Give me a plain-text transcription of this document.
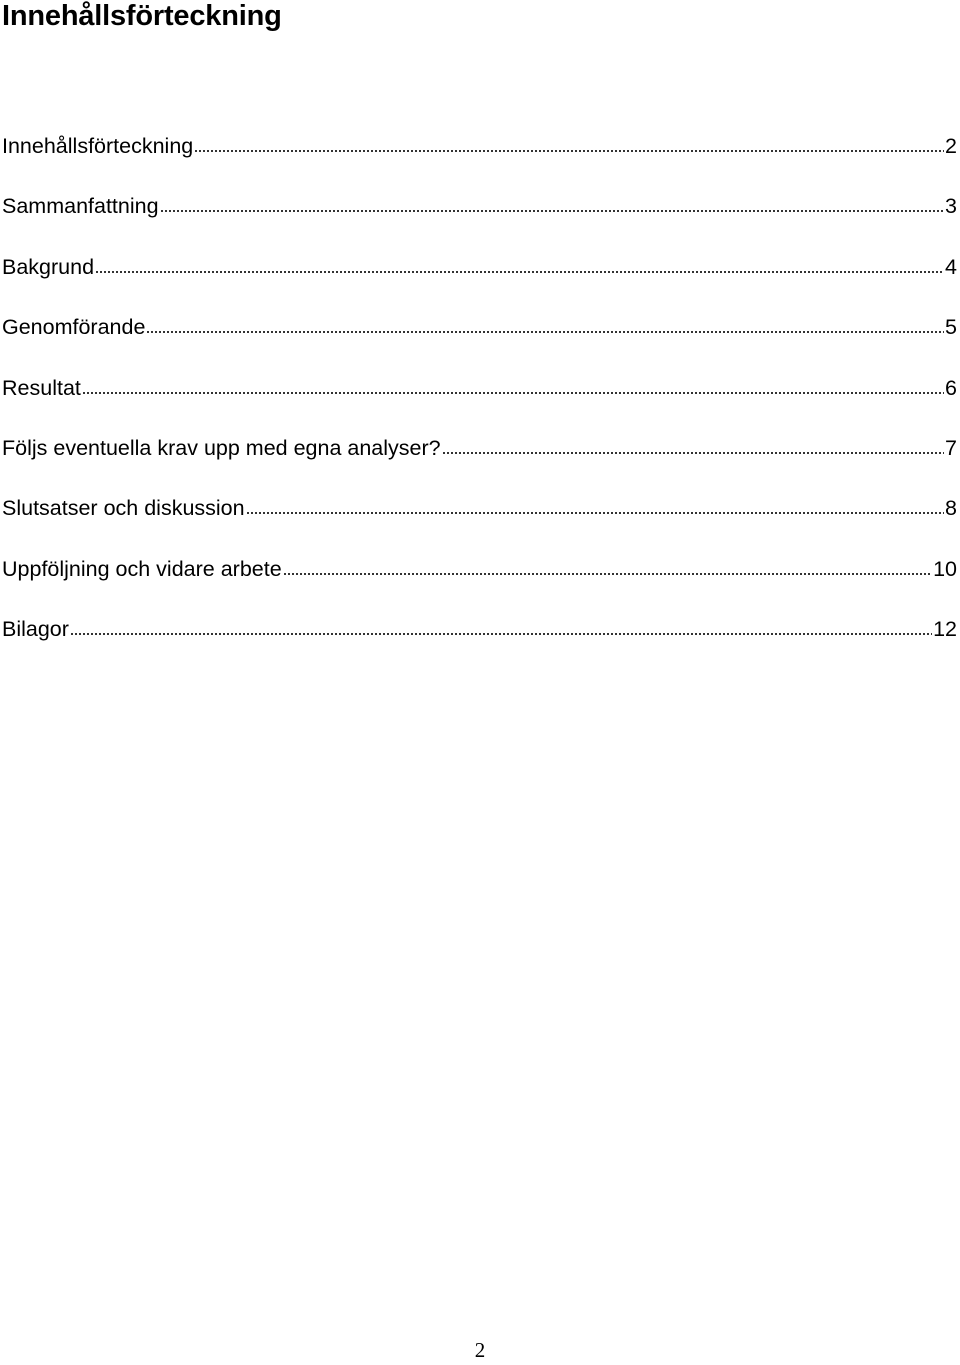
Innehållsförteckning
Innehållsförteckning	2
Sammanfattning	3
Bakgrund	4
Genomförande	5
Resultat	6
Följs eventuella krav upp med egna analyser?	7
Slutsatser och diskussion	8
Uppföljning och vidare arbete	10
Bilagor	12
2
